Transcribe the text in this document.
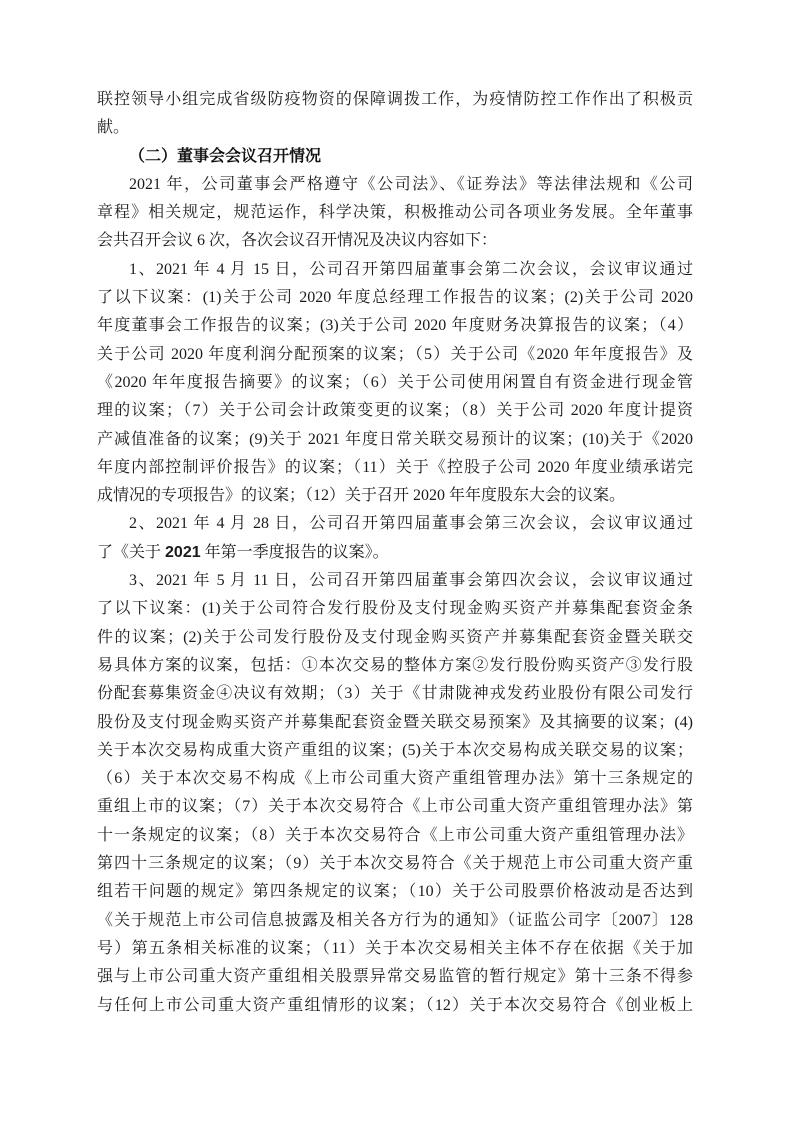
联控领导小组完成省级防疫物资的保障调拨工作，为疫情防控工作作出了积极贡
献。
（二）董事会会议召开情况
2021 年，公司董事会严格遵守《公司法》、《证券法》等法律法规和《公司
章程》相关规定，规范运作，科学决策，积极推动公司各项业务发展。全年董事
会共召开会议 6 次，各次会议召开情况及决议内容如下：
1、2021 年 4 月 15 日，公司召开第四届董事会第二次会议，会议审议通过
了以下议案：(1)关于公司 2020 年度总经理工作报告的议案；(2)关于公司 2020
年度董事会工作报告的议案；(3)关于公司 2020 年度财务决算报告的议案；（4）
关于公司 2020 年度利润分配预案的议案；（5）关于公司《2020 年年度报告》及
《2020 年年度报告摘要》的议案；（6）关于公司使用闲置自有资金进行现金管
理的议案；（7）关于公司会计政策变更的议案；（8）关于公司 2020 年度计提资
产减值准备的议案；(9)关于 2021 年度日常关联交易预计的议案；(10)关于《2020
年度内部控制评价报告》的议案；（11）关于《控股子公司 2020 年度业绩承诺完
成情况的专项报告》的议案；（12）关于召开 2020 年年度股东大会的议案。
2、2021 年 4 月 28 日，公司召开第四届董事会第三次会议，会议审议通过
了《关于 2021 年第一季度报告的议案》。
3、2021 年 5 月 11 日，公司召开第四届董事会第四次会议，会议审议通过
了以下议案：(1)关于公司符合发行股份及支付现金购买资产并募集配套资金条
件的议案；(2)关于公司发行股份及支付现金购买资产并募集配套资金暨关联交
易具体方案的议案，包括：①本次交易的整体方案②发行股份购买资产③发行股
份配套募集资金④决议有效期；（3）关于《甘肃陇神戎发药业股份有限公司发行
股份及支付现金购买资产并募集配套资金暨关联交易预案》及其摘要的议案；(4)
关于本次交易构成重大资产重组的议案；(5)关于本次交易构成关联交易的议案；
（6）关于本次交易不构成《上市公司重大资产重组管理办法》第十三条规定的
重组上市的议案；（7）关于本次交易符合《上市公司重大资产重组管理办法》第
十一条规定的议案；（8）关于本次交易符合《上市公司重大资产重组管理办法》
第四十三条规定的议案；（9）关于本次交易符合《关于规范上市公司重大资产重
组若干问题的规定》第四条规定的议案；（10）关于公司股票价格波动是否达到
《关于规范上市公司信息披露及相关各方行为的通知》（证监公司字〔2007〕128
号）第五条相关标准的议案；（11）关于本次交易相关主体不存在依据《关于加
强与上市公司重大资产重组相关股票异常交易监管的暂行规定》第十三条不得参
与任何上市公司重大资产重组情形的议案；（12）关于本次交易符合《创业板上
